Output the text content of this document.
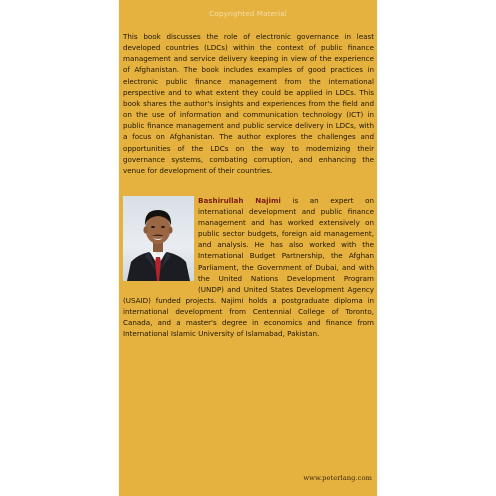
Copyrighted Material

This book discusses the role of electronic governance in least developed countries (LDCs) within the context of public finance management and service delivery keeping in view of the experience of Afghanistan. The book includes examples of good practices in electronic public finance management from the international perspective and to what extent they could be applied in LDCs. This book shares the author's insights and experiences from the field and on the use of information and communication technology (ICT) in public finance management and public service delivery in LDCs, with a focus on Afghanistan. The author explores the challenges and opportunities of the LDCs on the way to modernizing their governance systems, combating corruption, and enhancing the venue for development of their countries.

Bashirullah Najimi is an expert on international development and public finance management and has worked extensively on public sector budgets, foreign aid management, and analysis. He has also worked with the International Budget Partnership, the Afghan Parliament, the Government of Dubai, and with the United Nations Development Program (UNDP) and United States Development Agency (USAID) funded projects. Najimi holds a postgraduate diploma in international development from Centennial College of Toronto, Canada, and a master's degree in economics and finance from International Islamic University of Islamabad, Pakistan.

www.peterlang.com
